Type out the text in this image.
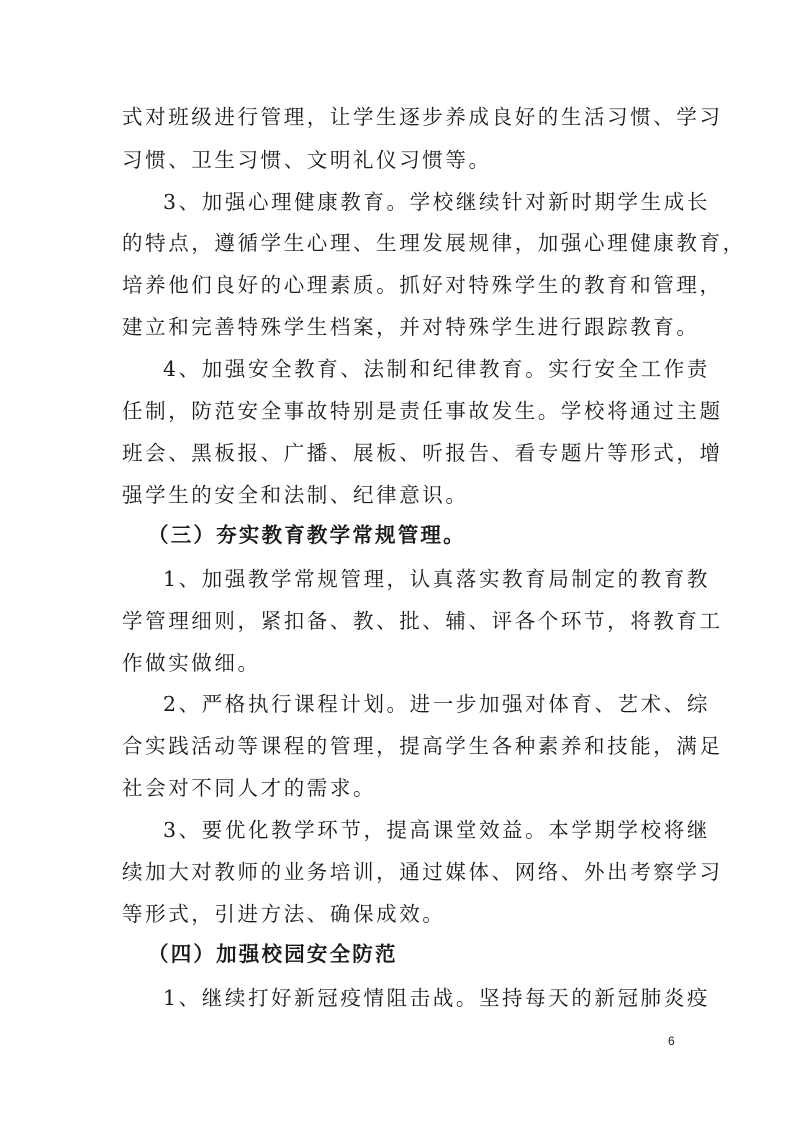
式对班级进行管理，让学生逐步养成良好的生活习惯、学习
习惯、卫生习惯、文明礼仪习惯等。
3、加强心理健康教育。学校继续针对新时期学生成长
的特点，遵循学生心理、生理发展规律，加强心理健康教育，
培养他们良好的心理素质。抓好对特殊学生的教育和管理，
建立和完善特殊学生档案，并对特殊学生进行跟踪教育。
4、加强安全教育、法制和纪律教育。实行安全工作责
任制，防范安全事故特别是责任事故发生。学校将通过主题
班会、黑板报、广播、展板、听报告、看专题片等形式，增
强学生的安全和法制、纪律意识。
（三）夯实教育教学常规管理。
1、加强教学常规管理，认真落实教育局制定的教育教
学管理细则，紧扣备、教、批、辅、评各个环节，将教育工
作做实做细。
2、严格执行课程计划。进一步加强对体育、艺术、综
合实践活动等课程的管理，提高学生各种素养和技能，满足
社会对不同人才的需求。
3、要优化教学环节，提高课堂效益。本学期学校将继
续加大对教师的业务培训，通过媒体、网络、外出考察学习
等形式，引进方法、确保成效。
（四）加强校园安全防范
1、继续打好新冠疫情阻击战。坚持每天的新冠肺炎疫
6
